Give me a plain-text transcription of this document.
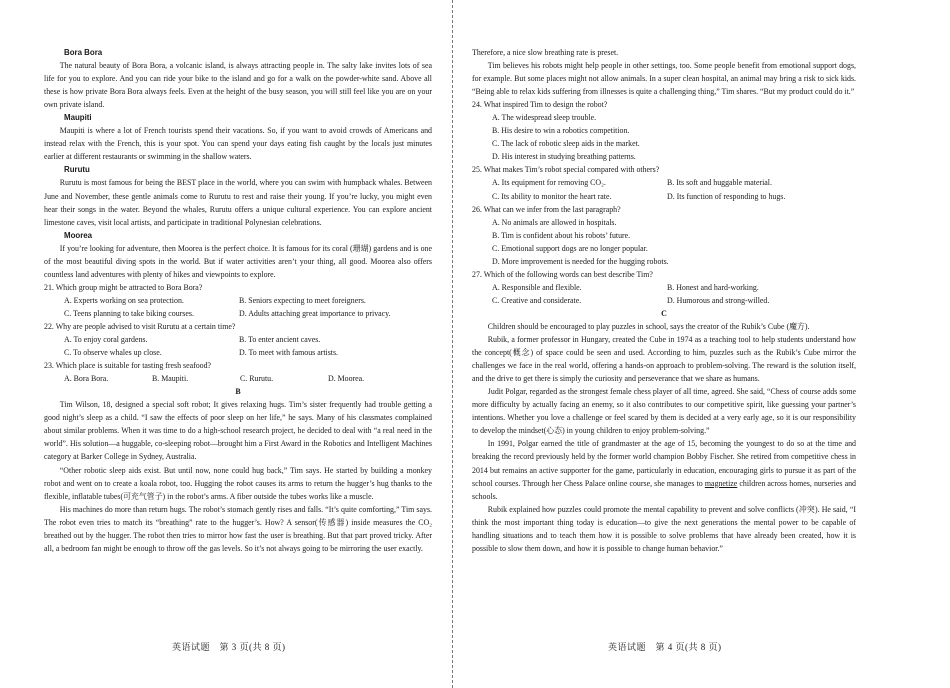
Bora Bora

The natural beauty of Bora Bora, a volcanic island, is always attracting people in. The salty lake invites lots of sea life for you to explore. And you can ride your bike to the island and go for a walk on the powder-white sand. Above all these is how private Bora Bora always feels. Even at the height of the busy season, you will still feel like you are on your own private island.

Maupiti

Maupiti is where a lot of French tourists spend their vacations. So, if you want to avoid crowds of Americans and instead relax with the French, this is your spot. You can spend your days eating fish caught by the locals just minutes earlier at different restaurants or swimming in the shallow waters.

Rurutu

Rurutu is most famous for being the BEST place in the world, where you can swim with humpback whales. Between June and November, these gentle animals come to Rurutu to rest and raise their young. If you’re lucky, you might even hear their songs in the water. Beyond the whales, Rurutu offers a unique cultural experience. You can explore ancient limestone caves, visit local artists, and participate in traditional Polynesian celebrations.

Moorea

If you’re looking for adventure, then Moorea is the perfect choice. It is famous for its coral (珊瑚) gardens and is one of the most beautiful diving spots in the world. But if water activities aren’t your thing, all good. Moorea also offers countless land adventures with plenty of hikes and viewpoints to explore.

21. Which group might be attracted to Bora Bora?

A. Experts working on sea protection.	B. Seniors expecting to meet foreigners.
C. Teens planning to take biking courses.	D. Adults attaching great importance to privacy.

22. Why are people advised to visit Rurutu at a certain time?

A. To enjoy coral gardens.	B. To enter ancient caves.
C. To observe whales up close.	D. To meet with famous artists.

23. Which place is suitable for tasting fresh seafood?

A. Bora Bora.	B. Maupiti.	C. Rurutu.	D. Moorea.

B

Tim Wilson, 18, designed a special soft robot; It gives relaxing hugs. Tim’s sister frequently had trouble getting a good night’s sleep as a child. “I saw the effects of poor sleep on her life,” he says. Many of his classmates complained about similar problems. When it was time to do a high-school research project, he decided to deal with “a real need in the world”. His solution—a huggable, co-sleeping robot—brought him a First Award in the Robotics and Intelligent Machines category at Barker College in Sydney, Australia.

“Other robotic sleep aids exist. But until now, none could hug back,” Tim says. He started by building a monkey robot and went on to create a koala robot, too. Hugging the robot causes its arms to return the hugger’s hug thanks to the flexible, inflatable tubes(可充气管子) in the robot’s arms. A fiber outside the tubes works like a muscle.

His machines do more than return hugs. The robot’s stomach gently rises and falls. “It’s quite comforting,” Tim says. The robot even tries to match its “breathing” rate to the hugger’s. How? A sensor(传感器) inside measures the CO₂ breathed out by the hugger. The robot then tries to mirror how fast the user is breathing. But that part proved tricky. After all, a bedroom fan might be enough to throw off the gas levels. So it’s not always going to be mirroring the user exactly.

Therefore, a nice slow breathing rate is preset.

Tim believes his robots might help people in other settings, too. Some people benefit from emotional support dogs, for example. But some places might not allow animals. In a super clean hospital, an animal may bring a risk to sick kids. “Being able to relax kids suffering from illnesses is quite a challenging thing,” Tim shares. “But my product could do it.”

24. What inspired Tim to design the robot?

A. The widespread sleep trouble.

B. His desire to win a robotics competition.

C. The lack of robotic sleep aids in the market.

D. His interest in studying breathing patterns.

25. What makes Tim’s robot special compared with others?

A. Its equipment for removing CO₂.	B. Its soft and huggable material.
C. Its ability to monitor the heart rate.	D. Its function of responding to hugs.

26. What can we infer from the last paragraph?

A. No animals are allowed in hospitals.

B. Tim is confident about his robots’ future.

C. Emotional support dogs are no longer popular.

D. More improvement is needed for the hugging robots.

27. Which of the following words can best describe Tim?

A. Responsible and flexible.	B. Honest and hard-working.
C. Creative and considerate.	D. Humorous and strong-willed.

C

Children should be encouraged to play puzzles in school, says the creator of the Rubik’s Cube (魔方).

Rubik, a former professor in Hungary, created the Cube in 1974 as a teaching tool to help students understand how the concept(概念) of space could be seen and used. According to him, puzzles such as the Rubik’s Cube mirror the challenges we face in the real world, offering a hands-on approach to problem-solving. The reward is the solution itself, and the drive to get there is simply the curiosity and perseverance that we share as humans.

Judit Polgar, regarded as the strongest female chess player of all time, agreed. She said, “Chess of course adds some more difficulty by actually facing an enemy, so it also contributes to our competitive spirit, like guessing your partner’s intentions. Whether you love a challenge or feel scared by them is decided at a very early age, so it is our responsibility to develop the mindset(心态) in young children to enjoy problem-solving.”

In 1991, Polgar earned the title of grandmaster at the age of 15, becoming the youngest to do so at the time and breaking the record previously held by the former world champion Bobby Fischer. She retired from competitive chess in 2014 but remains an active supporter for the game, particularly in education, encouraging girls to pursue it as part of the school courses. Through her Chess Palace online course, she manages to magnetize children across homes, nurseries and schools.

Rubik explained how puzzles could promote the mental capability to prevent and solve conflicts (冲突). He said, “I think the most important thing today is education—to give the next generations the mental power to be capable of handling situations and to teach them how it is possible to solve problems that have already been created, how it is possible to slow them down, and how it is possible to change human behavior.”

英语试题　第 3 页(共 8 页)	英语试题　第 4 页(共 8 页)
